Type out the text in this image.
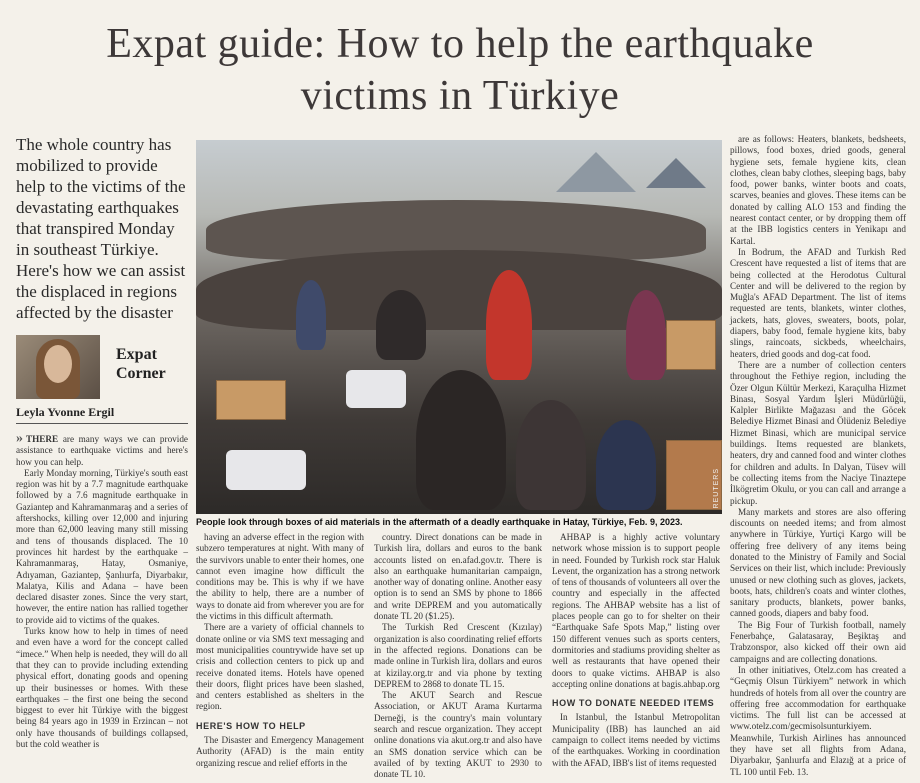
Expat guide: How to help the earthquake
victims in Türkiye
The whole country has mobilized to provide help to the victims of the devastating earthquakes that transpired Monday in southeast Türkiye. Here's how we can assist the displaced in regions affected by the disaster
Expat Corner
Leyla Yvonne Ergil
» THERE are many ways we can provide assistance to earthquake victims and here's how you can help.

Early Monday morning, Türkiye's south east region was hit by a 7.7 magnitude earthquake followed by a 7.6 magnitude earthquake in Gaziantep and Kahramanmaraş and a series of aftershocks, killing over 12,000 and injuring more than 62,000 leaving many still missing and tens of thousands displaced. The 10 provinces hit hardest by the earthquake – Kahramanmaraş, Hatay, Osmaniye, Adıyaman, Gaziantep, Şanlıurfa, Diyarbakır, Malatya, Kilis and Adana – have been declared disaster zones. Since the very start, however, the entire nation has rallied together to provide aid to victims of the quakes.

Turks know how to help in times of need and even have a word for the concept called “imece.” When help is needed, they will do all that they can to provide including extending physical effort, donating goods and opening up their businesses or homes. With these earthquakes – the first one being the second biggest to ever hit Türkiye with the biggest being 84 years ago in 1939 in Erzincan – not only have thousands of buildings collapsed, but the cold weather is

REUTERS
People look through boxes of aid materials in the aftermath of a deadly earthquake in Hatay, Türkiye, Feb. 9, 2023.

having an adverse effect in the region with subzero temperatures at night. With many of the survivors unable to enter their homes, one cannot even imagine how difficult the conditions may be. This is why if we have the ability to help, there are a number of ways to donate aid from wherever you are for the victims in this difficult aftermath.

There are a variety of official channels to donate online or via SMS text messaging and most municipalities countrywide have set up crisis and collection centers to pick up and receive donated items. Hotels have opened their doors, flight prices have been slashed, and centers established as shelters in the region.

HERE'S HOW TO HELP

The Disaster and Emergency Management Authority (AFAD) is the main entity organizing rescue and relief efforts in the

country. Direct donations can be made in Turkish lira, dollars and euros to the bank accounts listed on en.afad.gov.tr. There is also an earthquake humanitarian campaign, another way of donating online. Another easy option is to send an SMS by phone to 1866 and write DEPREM and you automatically donate TL 20 ($1.25).

The Turkish Red Crescent (Kızılay) organization is also coordinating relief efforts in the affected regions. Donations can be made online in Turkish lira, dollars and euros at kizilay.org.tr and via phone by texting DEPREM to 2868 to donate TL 15.

The AKUT Search and Rescue Association, or AKUT Arama Kurtarma Derneği, is the country's main voluntary search and rescue organization. They accept online donations via akut.org.tr and also have an SMS donation service which can be availed of by texting AKUT to 2930 to donate TL 10.

AHBAP is a highly active voluntary network whose mission is to support people in need. Founded by Turkish rock star Haluk Levent, the organization has a strong network of tens of thousands of volunteers all over the country and especially in the affected regions. The AHBAP website has a list of places people can go to for shelter on their “Earthquake Safe Spots Map,” listing over 150 different venues such as sports centers, dormitories and stadiums providing shelter as well as restaurants that have opened their doors to quake victims. AHBAP is also accepting online donations at bagis.ahbap.org

HOW TO DONATE NEEDED ITEMS

In Istanbul, the Istanbul Metropolitan Municipality (IBB) has launched an aid campaign to collect items needed by victims of the earthquakes. Working in coordination with the AFAD, IBB's list of items requested

are as follows: Heaters, blankets, bedsheets, pillows, food boxes, dried goods, general hygiene sets, female hygiene kits, clean clothes, clean baby clothes, sleeping bags, baby food, power banks, winter boots and coats, scarves, beanies and gloves. These items can be donated by calling ALO 153 and finding the nearest contact center, or by dropping them off at the IBB logistics centers in Yenikapı and Kartal.

In Bodrum, the AFAD and Turkish Red Crescent have requested a list of items that are being collected at the Herodotus Cultural Center and will be delivered to the region by Muğla's AFAD Department. The list of items requested are tents, blankets, winter clothes, jackets, hats, gloves, sweaters, boots, polar, diapers, baby food, female hygiene kits, baby slings, raincoats, sickbeds, wheelchairs, heaters, dried goods and dog-cat food.

There are a number of collection centers throughout the Fethiye region, including the Özer Olgun Kültür Merkezi, Karaçulha Hizmet Binası, Sosyal Yardım İşleri Müdürlüğü, Kalpler Birlikte Mağazası and the Göcek Belediye Hizmet Binasi and Ölüdeniz Belediye Hizmet Binasi, which are municipal service buildings. Items requested are blankets, heaters, dry and canned food and winter clothes for children and adults. In Dalyan, Tüsev will be collecting items from the Naciye Tinaztepe İlkögretim Okulu, or you can call and arrange a pickup.

Many markets and stores are also offering discounts on needed items; and from almost anywhere in Türkiye, Yurtiçi Kargo will be offering free delivery of any items being donated to the Ministry of Family and Social Services on their list, which include: Previously unused or new clothing such as gloves, jackets, boots, hats, children's coats and winter clothes, sanitary products, blankets, power banks, canned goods, diapers and baby food.

The Big Four of Turkish football, namely Fenerbahçe, Galatasaray, Beşiktaş and Trabzonspor, also kicked off their own aid campaigns and are collecting donations.

In other initiatives, Otelz.com has created a “Geçmiş Olsun Türkiyem” network in which hundreds of hotels from all over the country are offering free accommodation for earthquake victims. The full list can be accessed at www.otelz.com/gecmisolsunturkiyem. Meanwhile, Turkish Airlines has announced they have set all flights from Adana, Diyarbakır, Şanlıurfa and Elazığ at a price of TL 100 until Feb. 13.
